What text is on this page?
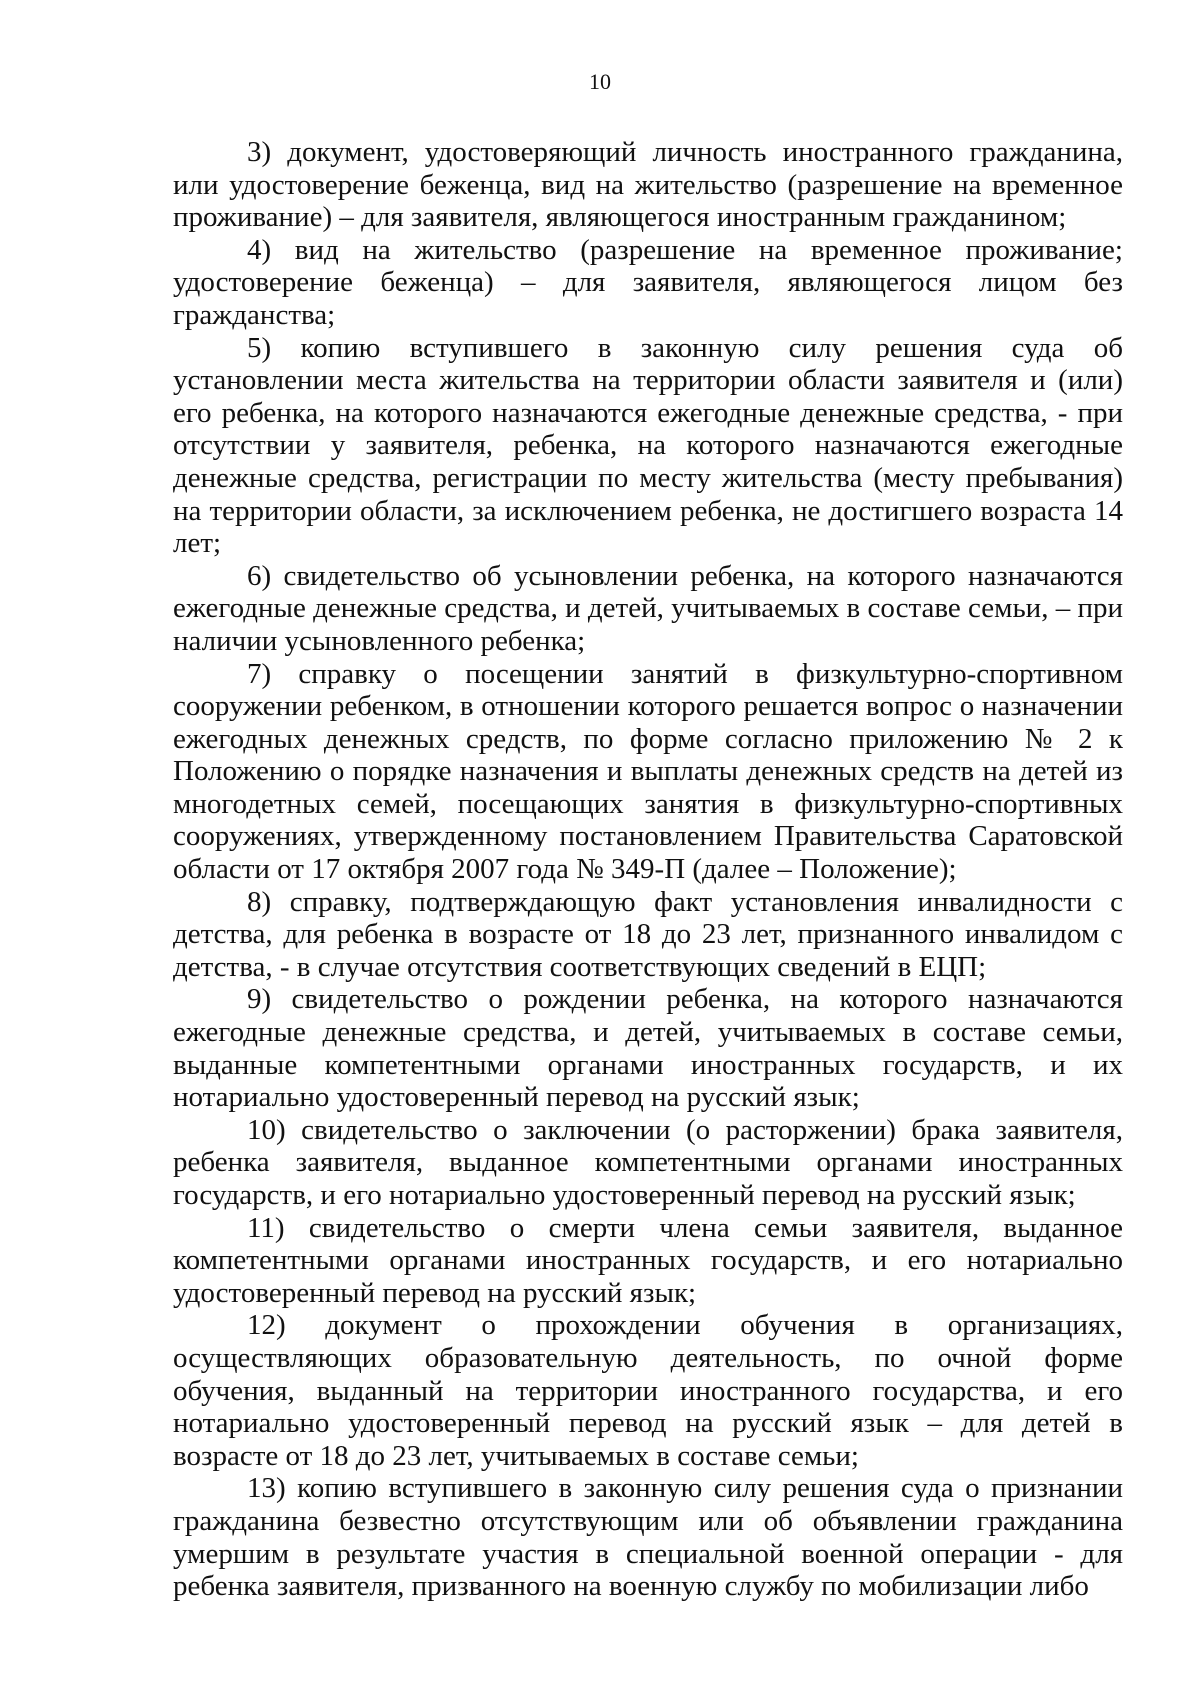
10

3) документ, удостоверяющий личность иностранного гражданина, или удостоверение беженца, вид на жительство (разрешение на временное проживание) – для заявителя, являющегося иностранным гражданином;

4) вид на жительство (разрешение на временное проживание; удостоверение беженца) – для заявителя, являющегося лицом без гражданства;

5) копию вступившего в законную силу решения суда об установлении места жительства на территории области заявителя и (или) его ребенка, на которого назначаются ежегодные денежные средства, - при отсутствии у заявителя, ребенка, на которого назначаются ежегодные денежные средства, регистрации по месту жительства (месту пребывания) на территории области, за исключением ребенка, не достигшего возраста 14 лет;

6) свидетельство об усыновлении ребенка, на которого назначаются ежегодные денежные средства, и детей, учитываемых в составе семьи, – при наличии усыновленного ребенка;

7) справку о посещении занятий в физкультурно-спортивном сооружении ребенком, в отношении которого решается вопрос о назначении ежегодных денежных средств, по форме согласно приложению № 2 к Положению о порядке назначения и выплаты денежных средств на детей из многодетных семей, посещающих занятия в физкультурно-спортивных сооружениях, утвержденному постановлением Правительства Саратовской области от 17 октября 2007 года № 349-П (далее – Положение);

8) справку, подтверждающую факт установления инвалидности с детства, для ребенка в возрасте от 18 до 23 лет, признанного инвалидом с детства, - в случае отсутствия соответствующих сведений в ЕЦП;

9) свидетельство о рождении ребенка, на которого назначаются ежегодные денежные средства, и детей, учитываемых в составе семьи, выданные компетентными органами иностранных государств, и их нотариально удостоверенный перевод на русский язык;

10) свидетельство о заключении (о расторжении) брака заявителя, ребенка заявителя, выданное компетентными органами иностранных государств, и его нотариально удостоверенный перевод на русский язык;

11) свидетельство о смерти члена семьи заявителя, выданное компетентными органами иностранных государств, и его нотариально удостоверенный перевод на русский язык;

12) документ о прохождении обучения в организациях, осуществляющих образовательную деятельность, по очной форме обучения, выданный на территории иностранного государства, и его нотариально удостоверенный перевод на русский язык – для детей в возрасте от 18 до 23 лет, учитываемых в составе семьи;

13) копию вступившего в законную силу решения суда о признании гражданина безвестно отсутствующим или об объявлении гражданина умершим в результате участия в специальной военной операции - для ребенка заявителя, призванного на военную службу по мобилизации либо
